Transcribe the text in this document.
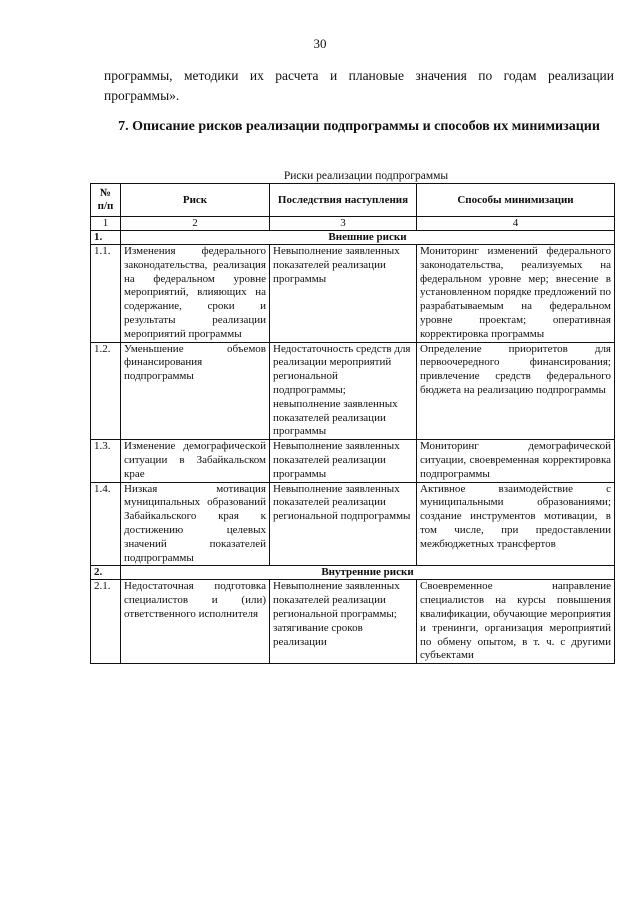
30

программы, методики их расчета и плановые значения по годам реализации программы».

7. Описание рисков реализации подпрограммы и способов их минимизации
Риски реализации подпрограммы
№ п/п	Риск	Последствия наступления	Способы минимизации
1	2	3	4
1.	Внешние риски		
1.1.	Изменения федерального законодательства, реализация на федеральном уровне мероприятий, влияющих на содержание, сроки и результаты реализации мероприятий программы	Невыполнение заявленных показателей реализации программы	Мониторинг изменений федерального законодательства, реализуемых на федеральном уровне мер; внесение в установленном порядке предложений по разрабатываемым на федеральном уровне проектам; оперативная корректировка программы
1.2.	Уменьшение объемов финансирования подпрограммы	Недостаточность средств для реализации мероприятий региональной подпрограммы; невыполнение заявленных показателей реализации программы	Определение приоритетов для первоочередного финансирования; привлечение средств федерального бюджета на реализацию подпрограммы
1.3.	Изменение демографической ситуации в Забайкальском крае	Невыполнение заявленных показателей реализации программы	Мониторинг демографической ситуации, своевременная корректировка подпрограммы
1.4.	Низкая мотивация муниципальных образований Забайкальского края к достижению целевых значений показателей подпрограммы	Невыполнение заявленных показателей реализации региональной подпрограммы	Активное взаимодействие с муниципальными образованиями; создание инструментов мотивации, в том числе, при предоставлении межбюджетных трансфертов
2.	Внутренние риски		
2.1.	Недостаточная подготовка специалистов и (или) ответственного исполнителя	Невыполнение заявленных показателей реализации региональной программы; затягивание сроков реализации	Своевременное направление специалистов на курсы повышения квалификации, обучающие мероприятия и тренинги, организация мероприятий по обмену опытом, в т. ч. с другими субъектами
